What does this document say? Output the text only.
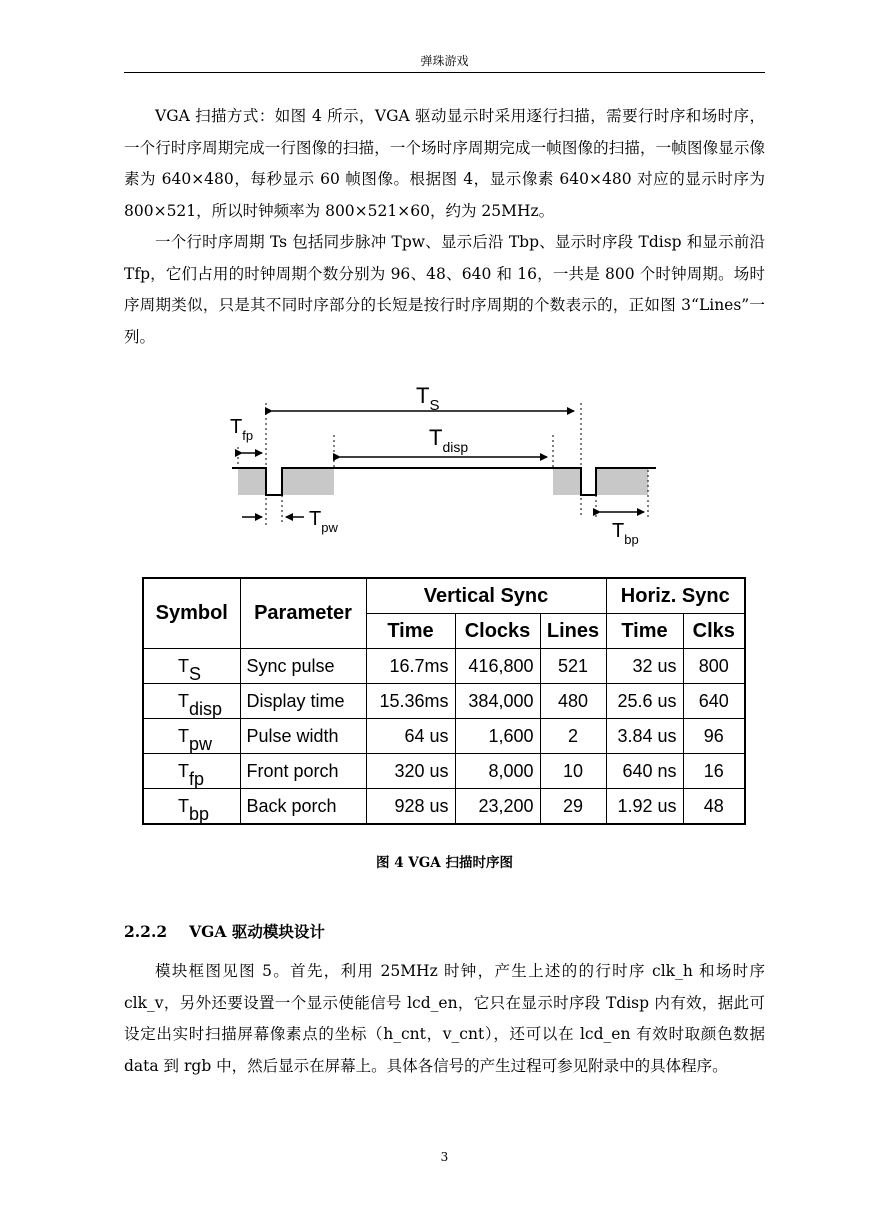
弹珠游戏

VGA 扫描方式：如图 4 所示，VGA 驱动显示时采用逐行扫描，需要行时序和场时序，一个行时序周期完成一行图像的扫描，一个场时序周期完成一帧图像的扫描，一帧图像显示像素为 640×480，每秒显示 60 帧图像。根据图 4，显示像素 640×480 对应的显示时序为 800×521，所以时钟频率为 800×521×60，约为 25MHz。

一个行时序周期 Ts 包括同步脉冲 Tpw、显示后沿 Tbp、显示时序段 Tdisp 和显示前沿 Tfp，它们占用的时钟周期个数分别为 96、48、640 和 16，一共是 800 个时钟周期。场时序周期类似，只是其不同时序部分的长短是按行时序周期的个数表示的，正如图 3“Lines”一列。

$T_S$
$T_{disp}$
$T_{fp}$
$T_{pw}$	$T_{bp}$
Symbol	Parameter	Vertical Sync			Horiz. Sync	
		Time	Clocks	Lines	Time	Clks
TS	Sync pulse	16.7ms	416,800	521	32 us	800
Tdisp	Display time	15.36ms	384,000	480	25.6 us	640
Tpw	Pulse width	64 us	1,600	2	3.84 us	96
Tfp	Front porch	320 us	8,000	10	640 ns	16
Tbp	Back porch	928 us	23,200	29	1.92 us	48
图 4 VGA 扫描时序图
2.2.2 VGA 驱动模块设计

模块框图见图 5。首先，利用 25MHz 时钟，产生上述的的行时序 clk_h 和场时序 clk_v，另外还要设置一个显示使能信号 lcd_en，它只在显示时序段 Tdisp 内有效，据此可设定出实时扫描屏幕像素点的坐标（h_cnt，v_cnt），还可以在 lcd_en 有效时取颜色数据 data 到 rgb 中，然后显示在屏幕上。具体各信号的产生过程可参见附录中的具体程序。

3
